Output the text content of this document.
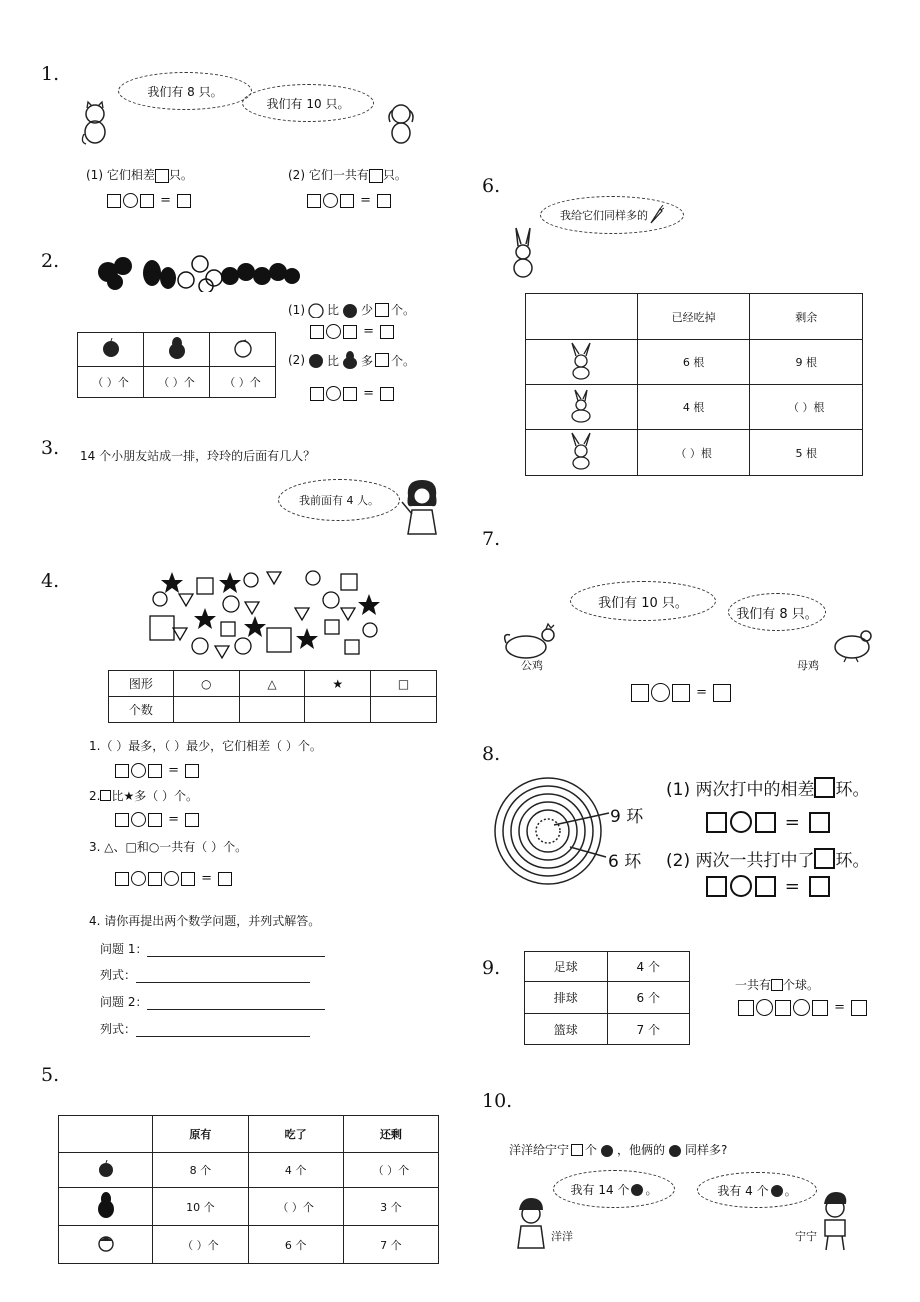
1.
我们有 8 只。
我们有 10 只。
(1) 它们相差 只。	(2) 它们一共有 只。
=	=
2.

（ ）个	（ ）个	（ ）个
(1) 比 少 个。
=
(2) 比 多 个。
=
3. 14 个小朋友站成一排，玲玲的后面有几人？
我前面有 4 人。
4.
图形	○	△	★	□
个数				
1.（ ）最多，（ ）最少，它们相差（ ）个。
=
2. 比★多（ ）个。
=
3. △、□和○一共有（ ）个。
=
4. 请你再提出两个数学问题，并列式解答。
问题 1：
列式：
问题 2：
列式：
5.
	原有	吃了	还剩
	8 个	4 个	（ ）个
	10 个	（ ）个	3 个
	（ ）个	6 个	7 个
6.
我给它们同样多的
	已经吃掉	剩余
	6 根	9 根
	4 根	（ ）根
	（ ）根	5 根
7.
我们有 10 只。
我们有 8 只。
公鸡	母鸡
=
8.
9 环
6 环
(1) 两次打中的相差 环。
=
(2) 两次一共打中了 环。
=
9.	足球	4 个
排球	6 个
篮球	7 个
一共有 个球。
=
10.
洋洋给宁宁 个 ，他俩的 同样多?
我有 14 个 。	我有 4 个 。
洋洋	宁宁
